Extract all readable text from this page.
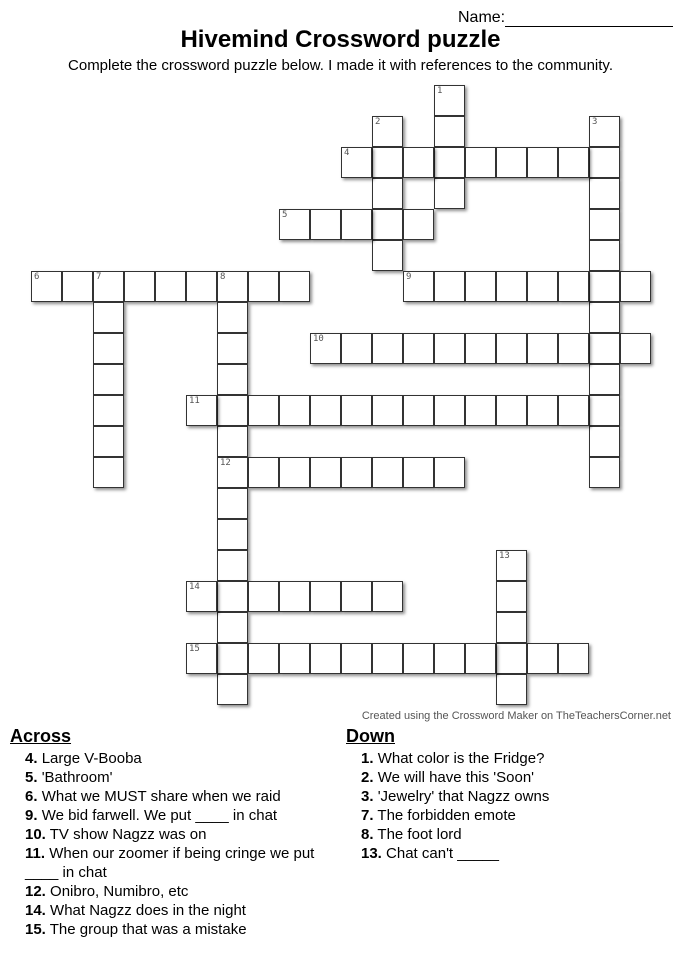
Name:
Hivemind Crossword puzzle
Complete the crossword puzzle below. I made it with references to the community.
1
2	3
4
5
6	7	8
12
9
10
11
13
14
15
Created using the Crossword Maker on TheTeachersCorner.net
Across
4. Large V-Booba
5. 'Bathroom'
6. What we MUST share when we raid
9. We bid farwell. We put ____ in chat
10. TV show Nagzz was on
11. When our zoomer if being cringe we put ____ in chat
12. Onibro, Numibro, etc
14. What Nagzz does in the night
15. The group that was a mistake
Down
1. What color is the Fridge?
2. We will have this 'Soon'
3. 'Jewelry' that Nagzz owns
7. The forbidden emote
8. The foot lord
13. Chat can't _____
